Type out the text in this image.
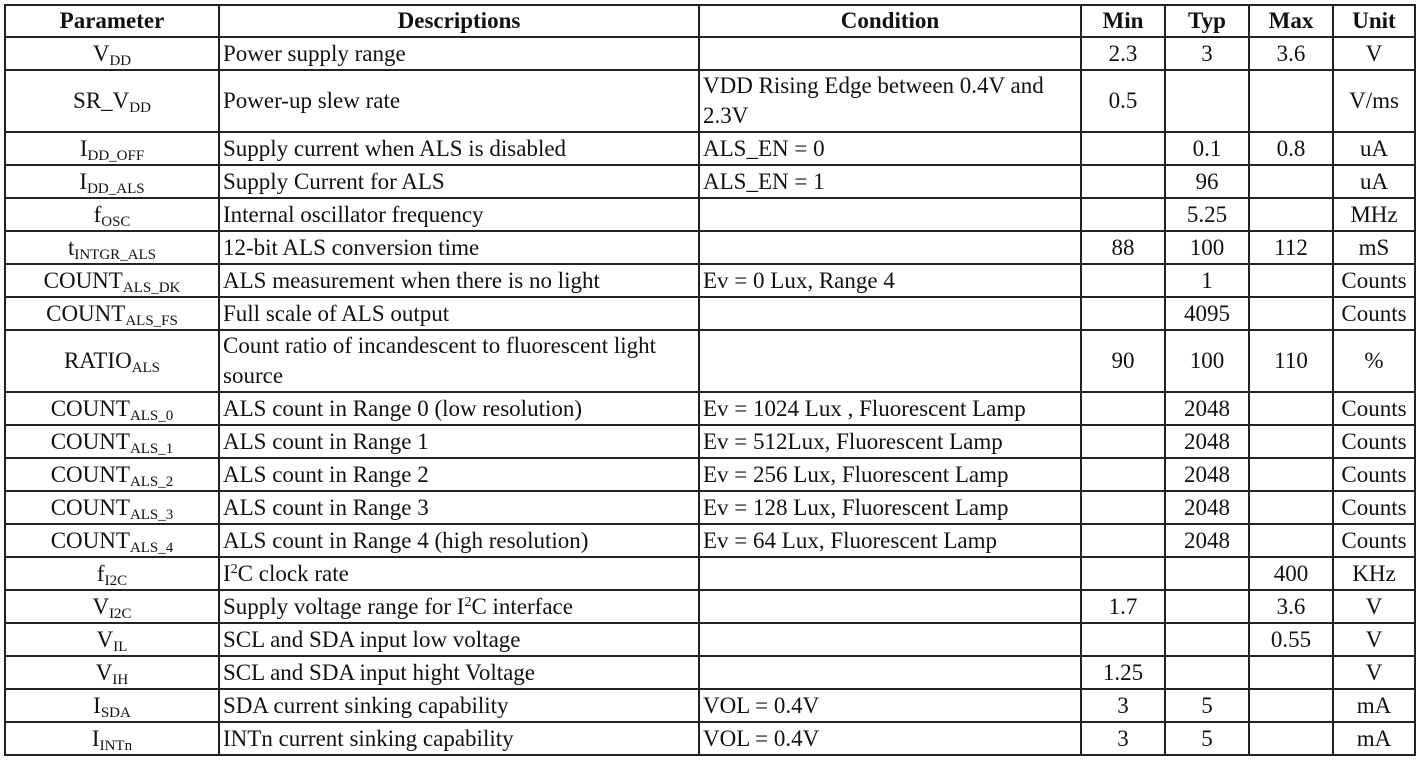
Parameter	Descriptions	Condition	Min	Typ	Max	Unit
$V_{DD}$	Power supply range		2.3	3	3.6	V
$SR\_V_{DD}$	Power-up slew rate	VDD Rising Edge between 0.4V and 2.3V	0.5			V/ms
$I_{DD\_OFF}$	Supply current when ALS is disabled	ALS_EN = 0		0.1	0.8	uA
$I_{DD\_ALS}$	Supply Current for ALS	ALS_EN = 1		96		uA
$f_{OSC}$	Internal oscillator frequency			5.25		MHz
$t_{INTGR\_ALS}$	12-bit ALS conversion time		88	100	112	mS
$COUNT_{ALS\_DK}$	ALS measurement when there is no light	Ev = 0 Lux, Range 4		1		Counts
$COUNT_{ALS\_FS}$	Full scale of ALS output			4095		Counts
$RATIO_{ALS}$	Count ratio of incandescent to fluorescent light source		90	100	110	%
$COUNT_{ALS\_0}$	ALS count in Range 0 (low resolution)	Ev = 1024 Lux , Fluorescent Lamp		2048		Counts
$COUNT_{ALS\_1}$	ALS count in Range 1	Ev = 512Lux, Fluorescent Lamp		2048		Counts
$COUNT_{ALS\_2}$	ALS count in Range 2	Ev = 256 Lux, Fluorescent Lamp		2048		Counts
$COUNT_{ALS\_3}$	ALS count in Range 3	Ev = 128 Lux, Fluorescent Lamp		2048		Counts
$COUNT_{ALS\_4}$	ALS count in Range 4 (high resolution)	Ev = 64 Lux, Fluorescent Lamp		2048		Counts
$f_{I2C}$	$I^2C$ clock rate				400	KHz
$V_{I2C}$	Supply voltage range for $I^2C$ interface		1.7		3.6	V
$V_{IL}$	SCL and SDA input low voltage				0.55	V
$V_{IH}$	SCL and SDA input hight Voltage		1.25			V
$I_{SDA}$	SDA current sinking capability	VOL = 0.4V	3	5		mA
$I_{INTn}$	INTn current sinking capability	VOL = 0.4V	3	5		mA
